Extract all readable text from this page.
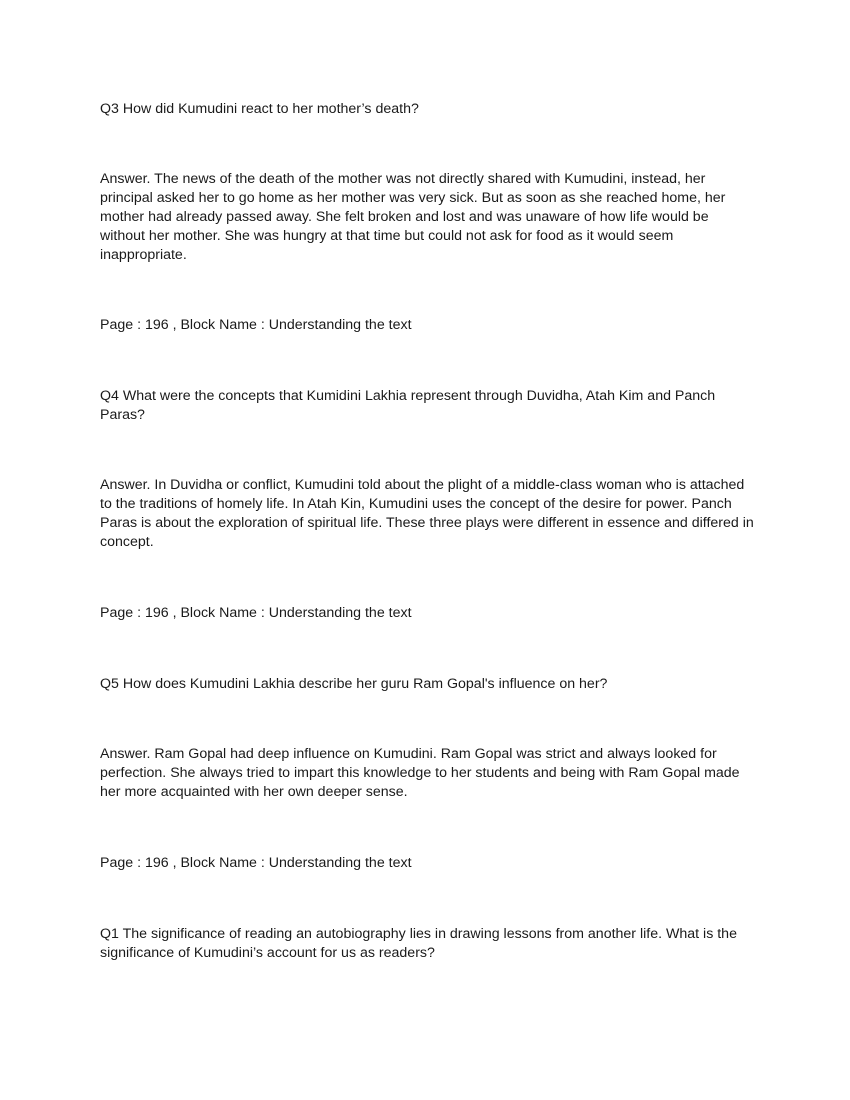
Q3 How did Kumudini react to her mother’s death?

Answer. The news of the death of the mother was not directly shared with Kumudini, instead, her principal asked her to go home as her mother was very sick. But as soon as she reached home, her mother had already passed away. She felt broken and lost and was unaware of how life would be without her mother. She was hungry at that time but could not ask for food as it would seem inappropriate.

Page : 196 , Block Name : Understanding the text

Q4 What were the concepts that Kumidini Lakhia represent through Duvidha, Atah Kim and Panch Paras?

Answer. In Duvidha or conflict, Kumudini told about the plight of a middle-class woman who is attached to the traditions of homely life. In Atah Kin, Kumudini uses the concept of the desire for power. Panch Paras is about the exploration of spiritual life. These three plays were different in essence and differed in concept.

Page : 196 , Block Name : Understanding the text

Q5 How does Kumudini Lakhia describe her guru Ram Gopal's influence on her?

Answer. Ram Gopal had deep influence on Kumudini. Ram Gopal was strict and always looked for perfection. She always tried to impart this knowledge to her students and being with Ram Gopal made her more acquainted with her own deeper sense.

Page : 196 , Block Name : Understanding the text

Q1 The significance of reading an autobiography lies in drawing lessons from another life. What is the significance of Kumudini’s account for us as readers?
